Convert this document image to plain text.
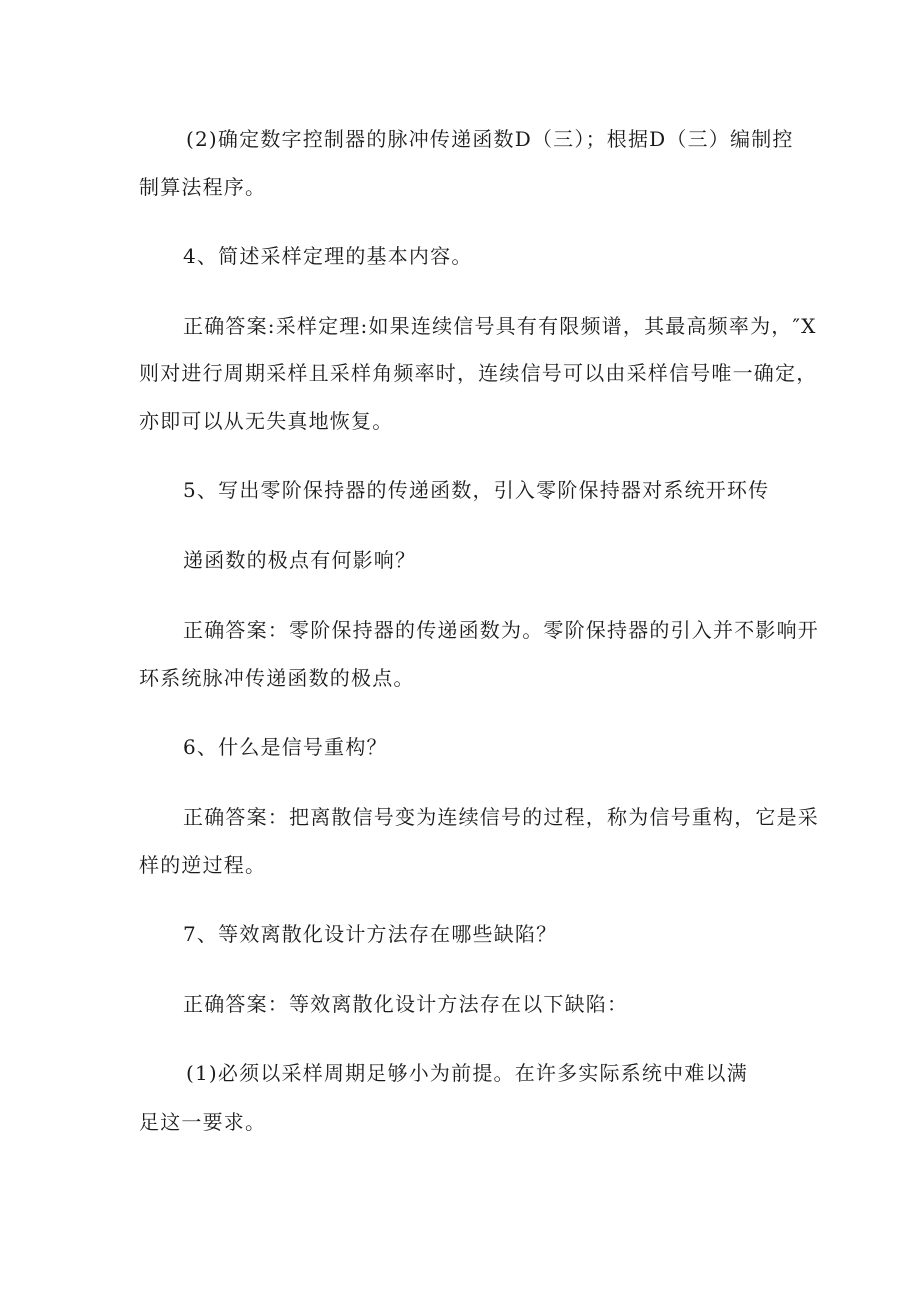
(2)确定数字控制器的脉冲传递函数D（三）；根据D（三）编制控
制算法程序。
4、简述采样定理的基本内容。
正确答案:采样定理:如果连续信号具有有限频谱，其最高频率为，″X
则对进行周期采样且采样角频率时，连续信号可以由采样信号唯一确定，
亦即可以从无失真地恢复。
5、写出零阶保持器的传递函数，引入零阶保持器对系统开环传
递函数的极点有何影响？
正确答案：零阶保持器的传递函数为。零阶保持器的引入并不影响开
环系统脉冲传递函数的极点。
6、什么是信号重构？
正确答案：把离散信号变为连续信号的过程，称为信号重构，它是采
样的逆过程。
7、等效离散化设计方法存在哪些缺陷？
正确答案：等效离散化设计方法存在以下缺陷：
(1)必须以采样周期足够小为前提。在许多实际系统中难以满
足这一要求。
